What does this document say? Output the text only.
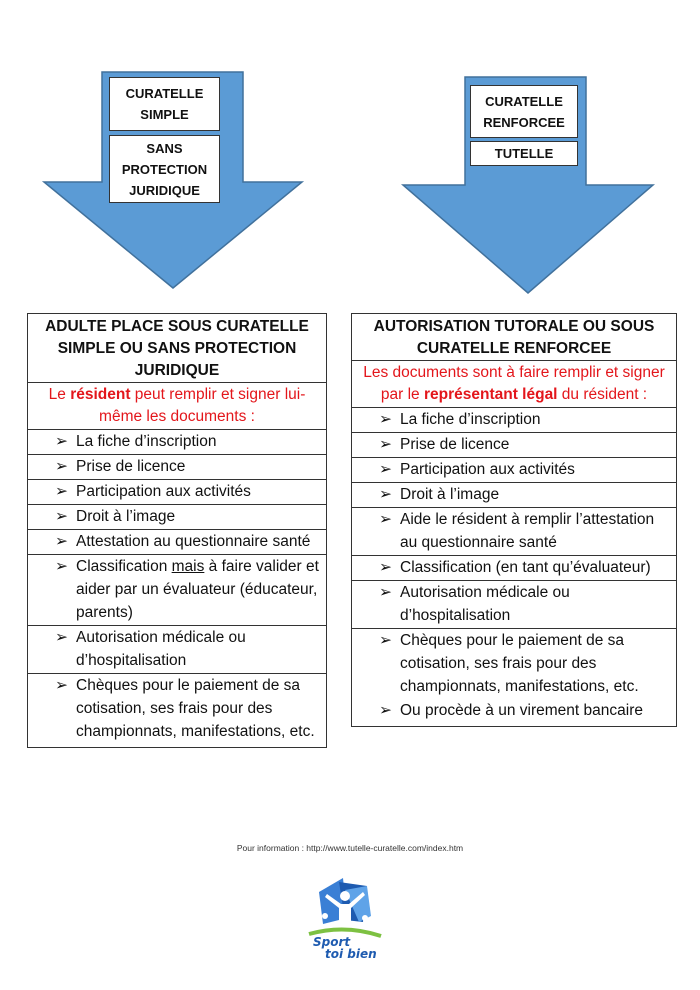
CURATELLE
SIMPLE
SANS
PROTECTION
JURIDIQUE
CURATELLE
RENFORCEE
TUTELLE
ADULTE PLACE SOUS CURATELLE
SIMPLE OU SANS PROTECTION
JURIDIQUE
Le résident peut remplir et signer lui-même les documents :
➢ La fiche d’inscription
➢ Prise de licence
➢ Participation aux activités
➢ Droit à l’image
➢ Attestation au questionnaire santé
➢ Classification mais à faire valider et aider par un évaluateur (éducateur, parents)
➢ Autorisation médicale ou d’hospitalisation
➢ Chèques pour le paiement de sa cotisation, ses frais pour des championnats, manifestations, etc.
AUTORISATION TUTORALE OU SOUS
CURATELLE RENFORCEE
Les documents sont à faire remplir et signer par le représentant légal du résident :
➢ La fiche d’inscription
➢ Prise de licence
➢ Participation aux activités
➢ Droit à l’image
➢ Aide le résident à remplir l’attestation au questionnaire santé
➢ Classification (en tant qu’évaluateur)
➢ Autorisation médicale ou d’hospitalisation
➢ Chèques pour le paiement de sa cotisation, ses frais pour des championnats, manifestations, etc.
➢ Ou procède à un virement bancaire
Pour information : http://www.tutelle-curatelle.com/index.htm
Sport
toi bien
